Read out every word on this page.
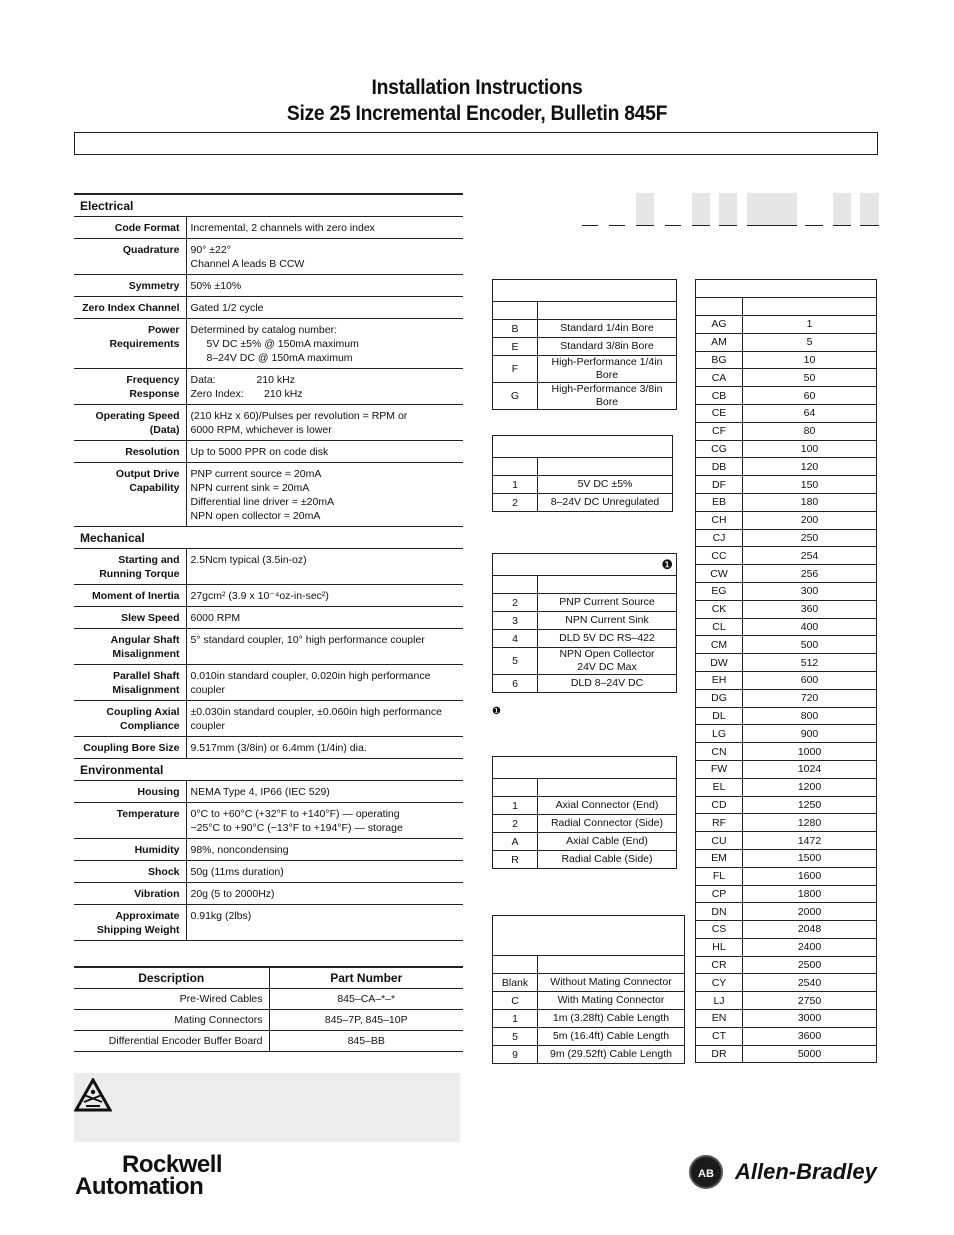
Installation Instructions
Size 25 Incremental Encoder, Bulletin 845F
Electrical	

Code Format	Incremental, 2 channels with zero index

Quadrature	90° ±22°
Channel A leads B CCW

Symmetry	50% ±10%

Zero Index Channel	Gated 1/2 cycle

Power
Requirements	Determined by catalog number:
5V DC ±5% @ 150mA maximum
8–24V DC @ 150mA maximum

Frequency
Response	Data:              210 kHz
Zero Index:       210 kHz

Operating Speed
(Data)	(210 kHz x 60)/Pulses per revolution = RPM or
6000 RPM, whichever is lower

Resolution	Up to 5000 PPR on code disk

Output Drive
Capability	PNP current source = 20mA
NPN current sink = 20mA
Differential line driver = ±20mA
NPN open collector = 20mA

Mechanical	

Starting and
Running Torque	2.5Ncm typical (3.5in-oz)

Moment of Inertia	27gcm² (3.9 x 10⁻⁴oz-in-sec²)

Slew Speed	6000 RPM

Angular Shaft
Misalignment	5° standard coupler, 10° high performance coupler

Parallel Shaft
Misalignment	0.010in standard coupler, 0.020in high performance
coupler

Coupling Axial
Compliance	±0.030in standard coupler, ±0.060in high performance
coupler

Coupling Bore Size	9.517mm (3/8in) or 6.4mm (1/4in) dia.

Environmental	

Housing	NEMA Type 4, IP66 (IEC 529)

Temperature	0°C to +60°C (+32°F to +140°F) — operating
−25°C to +90°C (−13°F to +194°F) — storage

Humidity	98%, noncondensing

Shock	50g (11ms duration)

Vibration	20g (5 to 2000Hz)

Approximate
Shipping Weight	0.91kg (2lbs)

B	Standard 1/4in Bore
E	Standard 3/8in Bore
F	High-Performance 1/4in Bore
G	High-Performance 3/8in Bore

1	5V DC ±5%
2	8–24V DC Unregulated
❶	

2	PNP Current Source
3	NPN Current Sink
4	DLD 5V DC RS–422
5	NPN Open Collector
24V DC Max
6	DLD 8–24V DC
❶

1	Axial Connector (End)
2	Radial Connector (Side)
A	Axial Cable (End)
R	Radial Cable (Side)

Blank	Without Mating Connector
C	With Mating Connector
1	1m (3.28ft) Cable Length
5	5m (16.4ft) Cable Length
9	9m (29.52ft) Cable Length

AG	1
AM	5
BG	10
CA	50
CB	60
CE	64
CF	80
CG	100
DB	120
DF	150
EB	180
CH	200
CJ	250
CC	254
CW	256
EG	300
CK	360
CL	400
CM	500
DW	512
EH	600
DG	720
DL	800
LG	900
CN	1000
FW	1024
EL	1200
CD	1250
RF	1280
CU	1472
EM	1500
FL	1600
CP	1800
DN	2000
CS	2048
HL	2400
CR	2500
CY	2540
LJ	2750
EN	3000
CT	3600
DR	5000
Description	Part Number
Pre-Wired Cables	845–CA–*–*
Mating Connectors	845–7P, 845–10P
Differential Encoder Buffer Board	845–BB
Rockwell
Automation	AB Allen-Bradley
